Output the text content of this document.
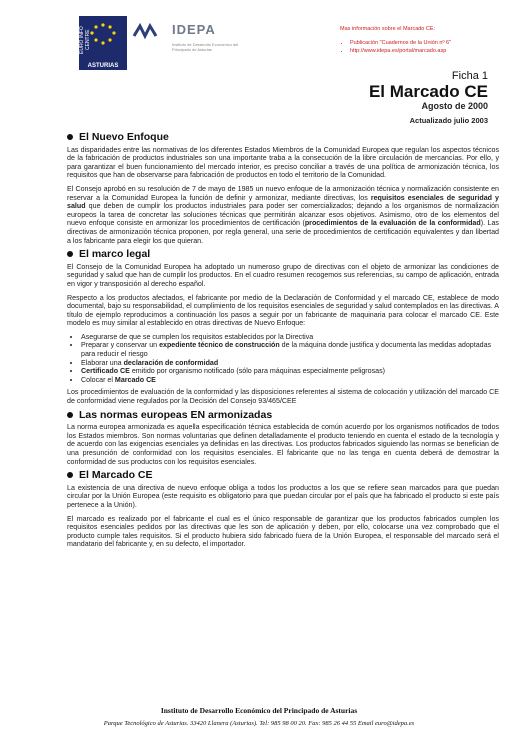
EURO INFO CENTRE
ASTURIAS
IDEPA
Instituto de Desarrollo Económico del Principado de Asturias
Mas información sobre el Marcado CE:
• Publicación "Cuadernos de la Unión nº 6"
• http://www.idepa.es/portal/marcado.asp
Ficha 1
El Marcado CE
Agosto de 2000
Actualizado julio 2003
El Nuevo Enfoque

Las disparidades entre las normativas de los diferentes Estados Miembros de la Comunidad Europea que regulan los aspectos técnicos de la fabricación de productos industriales son una importante traba a la consecución de la libre circulación de mercancías. Por ello, y para garantizar el buen funcionamiento del mercado interior, es preciso conciliar a través de una política de armonización técnica, los requisitos que han de observarse para fabricación de productos en todo el territorio de la Comunidad.

El Consejo aprobó en su resolución de 7 de mayo de 1985 un nuevo enfoque de la armonización técnica y normalización consistente en reservar a la Comunidad Europea la función de definir y armonizar, mediante directivas, los requisitos esenciales de seguridad y salud que deben de cumplir los productos industriales para poder ser comercializados; dejando a los organismos de normalización europeos la tarea de concretar las soluciones técnicas que permitirán alcanzar esos objetivos. Asimismo, otro de los elementos del nuevo enfoque consiste en armonizar los procedimientos de certificación (procedimientos de la evaluación de la conformidad). Las directivas de armonización técnica proponen, por regla general, una serie de procedimientos de certificación equivalentes y dan libertad a los fabricante para elegir los que quieran.

El marco legal

El Consejo de la Comunidad Europea ha adoptado un numeroso grupo de directivas con el objeto de armonizar las condiciones de seguridad y salud que han de cumplir los productos. En el cuadro resumen recogemos sus referencias, su campo de aplicación, entrada en vigor y transposición al derecho español.

Respecto a los productos afectados, el fabricante por medio de la Declaración de Conformidad y el marcado CE, establece de modo documental, bajo su responsabilidad, el cumplimiento de los requisitos esenciales de seguridad y salud contemplados en las directivas. A título de ejemplo reproducimos a continuación los pasos a seguir por un fabricante de maquinaria para colocar el marcado CE. Este modelo es muy similar al establecido en otras directivas de Nuevo Enfoque:

• Asegurarse de que se cumplen los requisitos establecidos por la Directiva
• Preparar y conservar un expediente técnico de construcción de la máquina donde justifica y documenta las medidas adoptadas para reducir el riesgo
• Elaborar una declaración de conformidad
• Certificado CE emitido por organismo notificado (sólo para máquinas especialmente peligrosas)
• Colocar el Marcado CE

Los procedimientos de evaluación de la conformidad y las disposiciones referentes al sistema de colocación y utilización del marcado CE de conformidad viene regulados por la Decisión del Consejo 93/465/CEE

Las normas europeas EN armonizadas

La norma europea armonizada es aquella especificación técnica establecida de común acuerdo por los organismos notificados de todos los Estados miembros. Son normas voluntarias que definen detalladamente el producto teniendo en cuenta el estado de la tecnología y de acuerdo con las exigencias esenciales ya definidas en las directivas. Los productos fabricados siguiendo las normas se benefician de una presunción de conformidad con los requisitos esenciales. El fabricante que no las tenga en cuenta deberá de demostrar la conformidad de sus productos con los requisitos esenciales.

El Marcado CE

La existencia de una directiva de nuevo enfoque obliga a todos los productos a los que se refiere sean marcados para que puedan circular por la Unión Europea (este requisito es obligatorio para que puedan circular por el país que ha fabricado el producto si este país pertenece a la Unión).

El marcado es realizado por el fabricante el cual es el único responsable de garantizar que los productos fabricados cumplen los requisitos esenciales pedidos por las directivas que les son de aplicación y deben, por ello, colocarse una vez comprobado que el producto cumple tales requisitos. Si el producto hubiera sido fabricado fuera de la Unión Europea, el responsable del marcado será el mandatario del fabricante y, en su defecto, el importador.

Instituto de Desarrollo Económico del Principado de Asturias
Parque Tecnológico de Asturias. 33420 Llanera (Asturias). Tel: 985 98 00 20. Fax: 985 26 44 55 Email euro@idepa.es
